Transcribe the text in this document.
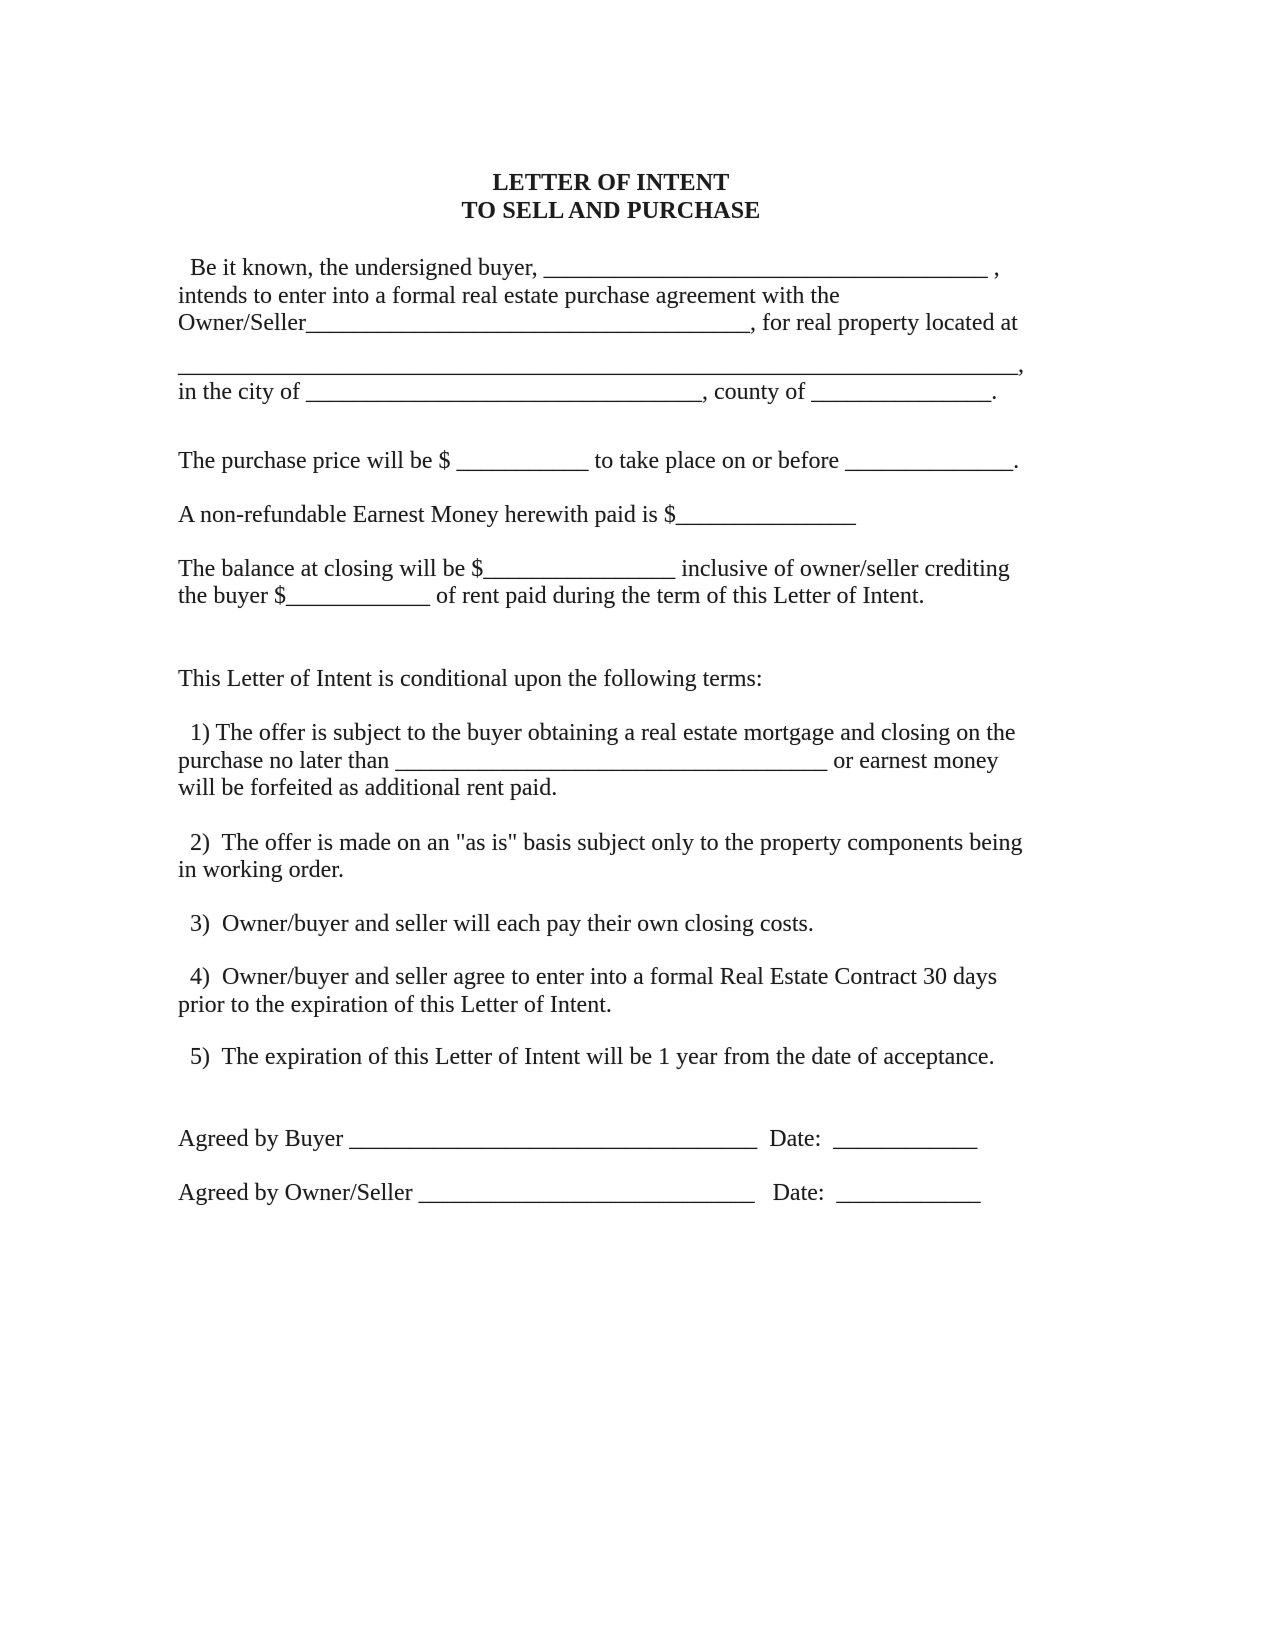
LETTER OF INTENT
TO SELL AND PURCHASE
Be it known, the undersigned buyer, _____________________________________ ,
intends to enter into a formal real estate purchase agreement with the
Owner/Seller_____________________________________, for real property located at
______________________________________________________________________,
in the city of _________________________________, county of _______________.
The purchase price will be $ ___________ to take place on or before ______________.
A non-refundable Earnest Money herewith paid is $_______________
The balance at closing will be $________________ inclusive of owner/seller crediting
the buyer $____________ of rent paid during the term of this Letter of Intent.
This Letter of Intent is conditional upon the following terms:
1) The offer is subject to the buyer obtaining a real estate mortgage and closing on the
purchase no later than ____________________________________ or earnest money
will be forfeited as additional rent paid.
2)  The offer is made on an "as is" basis subject only to the property components being
in working order.
3)  Owner/buyer and seller will each pay their own closing costs.
4)  Owner/buyer and seller agree to enter into a formal Real Estate Contract 30 days
prior to the expiration of this Letter of Intent.
5)  The expiration of this Letter of Intent will be 1 year from the date of acceptance.
Agreed by Buyer __________________________________  Date:  ____________
Agreed by Owner/Seller ____________________________   Date:  ____________
